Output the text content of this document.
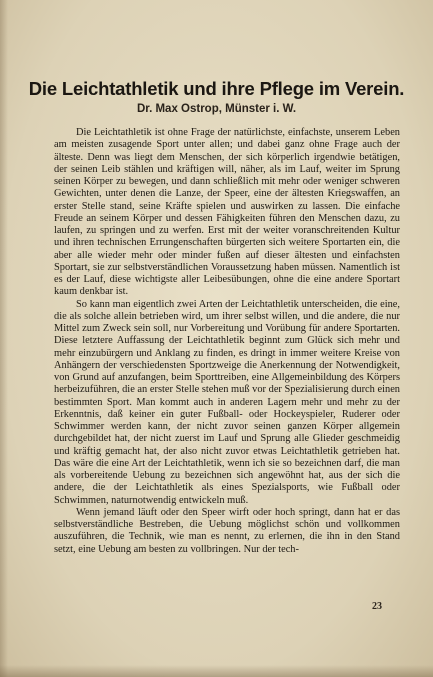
Die Leichtathletik und ihre Pflege im Verein.

Dr. Max Ostrop, Münster i. W.

Die Leichtathletik ist ohne Frage der natürlichste, einfachste, unserem Leben am meisten zusagende Sport unter allen; und dabei ganz ohne Frage auch der älteste. Denn was liegt dem Menschen, der sich körperlich irgendwie betätigen, der seinen Leib stählen und kräftigen will, näher, als im Lauf, weiter im Sprung seinen Körper zu bewegen, und dann schließlich mit mehr oder weniger schweren Gewichten, unter denen die Lanze, der Speer, eine der ältesten Kriegswaffen, an erster Stelle stand, seine Kräfte spielen und auswirken zu lassen. Die einfache Freude an seinem Körper und dessen Fähigkeiten führen den Menschen dazu, zu laufen, zu springen und zu werfen. Erst mit der weiter voranschreitenden Kultur und ihren technischen Errungenschaften bürgerten sich weitere Sportarten ein, die aber alle wieder mehr oder minder fußen auf dieser ältesten und einfachsten Sportart, sie zur selbstverständlichen Voraussetzung haben müssen. Namentlich ist es der Lauf, diese wichtigste aller Leibesübungen, ohne die eine andere Sportart kaum denkbar ist.

So kann man eigentlich zwei Arten der Leichtathletik unterscheiden, die eine, die als solche allein betrieben wird, um ihrer selbst willen, und die andere, die nur Mittel zum Zweck sein soll, nur Vorbereitung und Vorübung für andere Sportarten. Diese letztere Auffassung der Leichtathletik beginnt zum Glück sich mehr und mehr einzubürgern und Anklang zu finden, es dringt in immer weitere Kreise von Anhängern der verschiedensten Sportzweige die Anerkennung der Notwendigkeit, von Grund auf anzufangen, beim Sporttreiben, eine Allgemeinbildung des Körpers herbeizuführen, die an erster Stelle stehen muß vor der Spezialisierung durch einen bestimmten Sport. Man kommt auch in anderen Lagern mehr und mehr zu der Erkenntnis, daß keiner ein guter Fußball- oder Hockeyspieler, Ruderer oder Schwimmer werden kann, der nicht zuvor seinen ganzen Körper allgemein durchgebildet hat, der nicht zuerst im Lauf und Sprung alle Glieder geschmeidig und kräftig gemacht hat, der also nicht zuvor etwas Leichtathletik getrieben hat. Das wäre die eine Art der Leichtathletik, wenn ich sie so bezeichnen darf, die man als vorbereitende Uebung zu bezeichnen sich angewöhnt hat, aus der sich die andere, die der Leichtathletik als eines Spezialsports, wie Fußball oder Schwimmen, naturnotwendig entwickeln muß.

Wenn jemand läuft oder den Speer wirft oder hoch springt, dann hat er das selbstverständliche Bestreben, die Uebung möglichst schön und vollkommen auszuführen, die Technik, wie man es nennt, zu erlernen, die ihn in den Stand setzt, eine Uebung am besten zu vollbringen. Nur der tech-

23
